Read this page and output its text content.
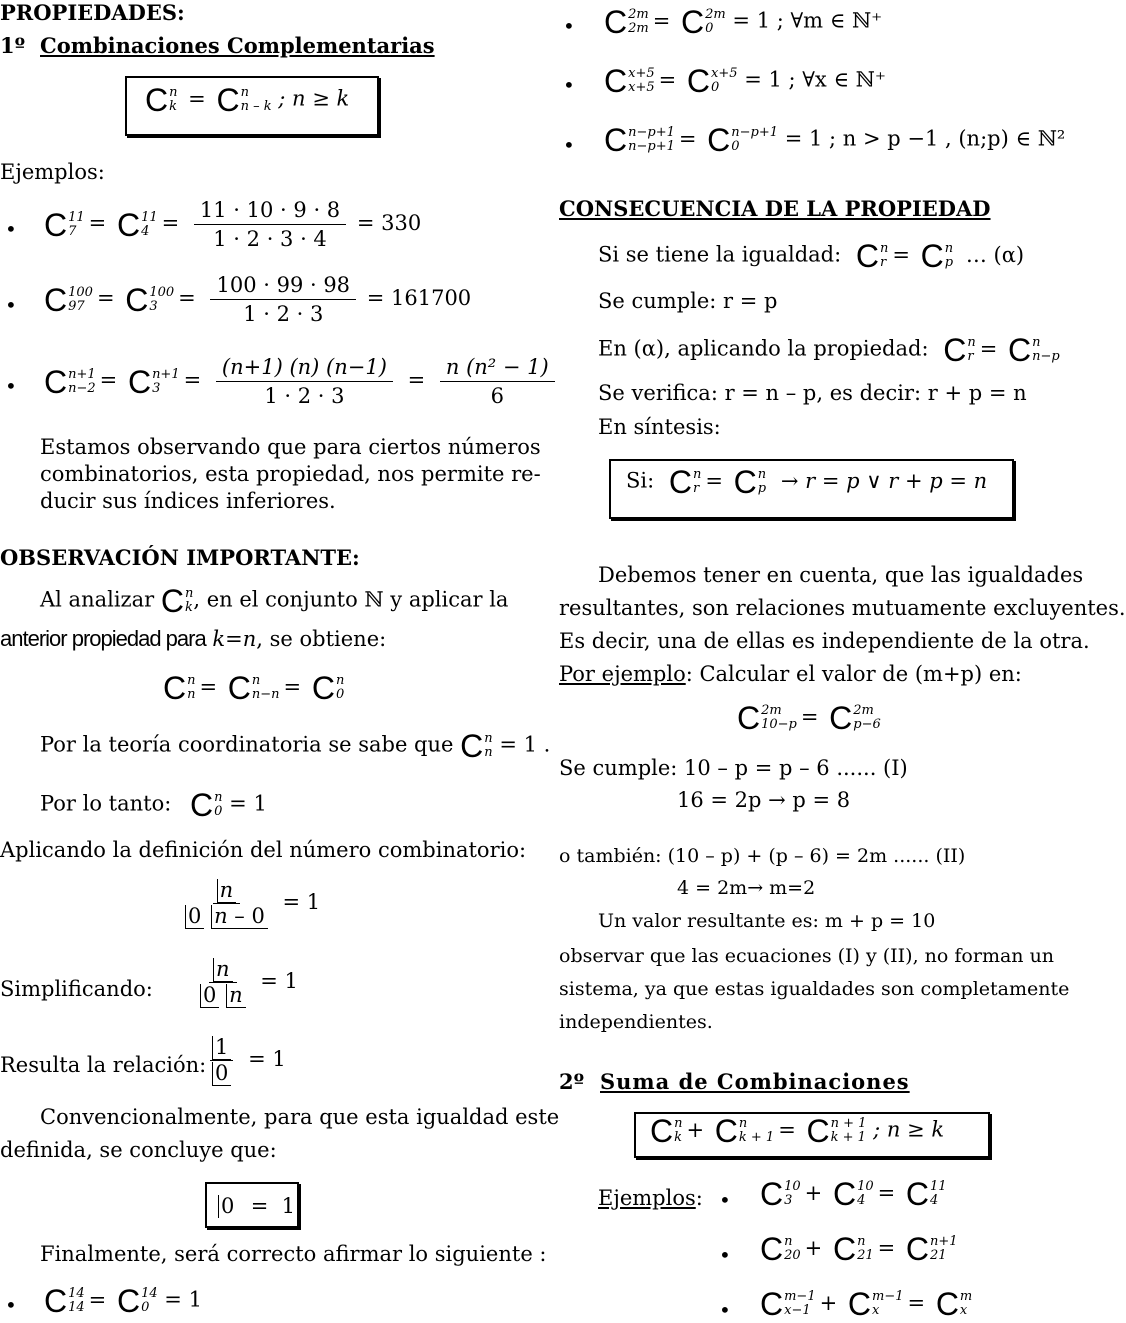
PROPIEDADES:
1º Combinaciones Complementarias
C n
k = C n
n – k ; n ≥ k
Ejemplos:
• C 11
7 = C 11
$4 = \frac{11 \cdot 10 \cdot 9 \cdot 8}{1 \cdot 2 \cdot 3 \cdot 4} = 330$
• C 100
97 = C 100
$3 = \frac{100 \cdot 99 \cdot 98}{1 \cdot 2 \cdot 3} = 161700$
• C n+1
n−2 = C n+1
3	= $\frac{(n+1) (n) (n-1)}{1 \cdot 2 \cdot 3} = \frac{\text{n (n² − 1)}}{6}$
Estamos observando que para ciertos números
combinatorios, esta propiedad, nos permite re-
ducir sus índices inferiores.
OBSERVACIÓN IMPORTANTE:
Al analizar C n
k , en el conjunto ℕ y aplicar la
anterior propiedad para k=n, se obtiene:
C n
n = C n
n−n = C n
0
Por la teoría coordinatoria se sabe que C n
n = 1 .
Por lo tanto: C n
0 = 1
Aplicando la definición del número combinatorio:
$\frac{n}{0 n - 0} = 1$
Simplificando: $\frac{n}{0 n} = 1$
Resulta la relación: $\frac{1}{0} = 1$
Convencionalmente, para que esta igualdad este
definida, se concluye que:
0  =  1
Finalmente, será correcto afirmar lo siguiente :
• C 14
14 = C 14
0 = 1
• C 2m
2m = C 2m
0 = 1 ; ∀m ∈ ℕ⁺
• C x+5
x+5 = C x+5
0	= 1 ; ∀x ∈ ℕ⁺
• C n−p+1
n−p+1 = C n−p+1
0	= 1 ; n > p −1 , (n;p) ∈ ℕ²
CONSECUENCIA DE LA PROPIEDAD
Si se tiene la igualdad: C n
r = C n
p … (α)
Se cumple: r = p
En (α), aplicando la propiedad: C n
r = C n
n−p
Se verifica: r = n – p, es decir: r + p = n
En síntesis:
Si: C n
r = C n
p → r = p ∨ r + p = n
Debemos tener en cuenta, que las igualdades
resultantes, son relaciones mutuamente excluyentes.
Es decir, una de ellas es independiente de la otra.
Por ejemplo: Calcular el valor de (m+p) en:
C 2m
10−p = C 2m
p−6
Se cumple: 10 – p = p – 6 ...... (I)
16 = 2p → p = 8
o también: (10 – p) + (p – 6) = 2m ...... (II)
4 = 2m→ m=2
Un valor resultante es: m + p = 10
observar que las ecuaciones (I) y (II), no forman un
sistema, ya que estas igualdades son completamente
independientes.
2º Suma de Combinaciones
C n
k + C n
k + 1 = C n + 1
k + 1 ; n ≥ k
Ejemplos: • C 10
3 + C 10
4 = C 11
4
• C n
20 + C n
21 = C n+1
21
• C m−1
x−1 + C m−1
x	= C m
x
